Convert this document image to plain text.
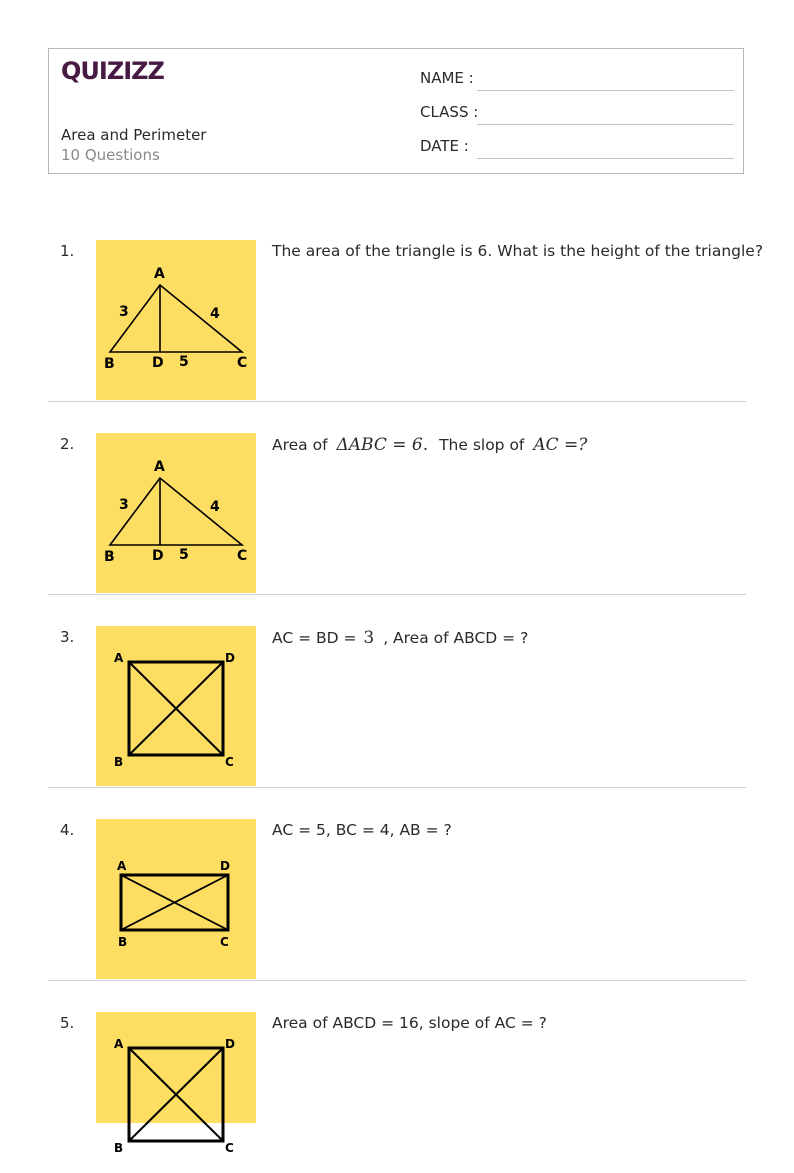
QUIZIZZ
Area and Perimeter
10 Questions
NAME :
CLASS :
DATE :
1.
A
B	C
D
3	4
5
The area of the triangle is 6. What is the height of the triangle?
2.
A
B	C
D
3	4
5
Area of ΔABC = 6. The slop of AC =?
3.
A
B	C
D
AC = BD = 3 , Area of ABCD = ?
4.
A
B	C
D
AC = 5, BC = 4, AB = ?
5.
A
B	C
D
Area of ABCD = 16, slope of AC = ?
